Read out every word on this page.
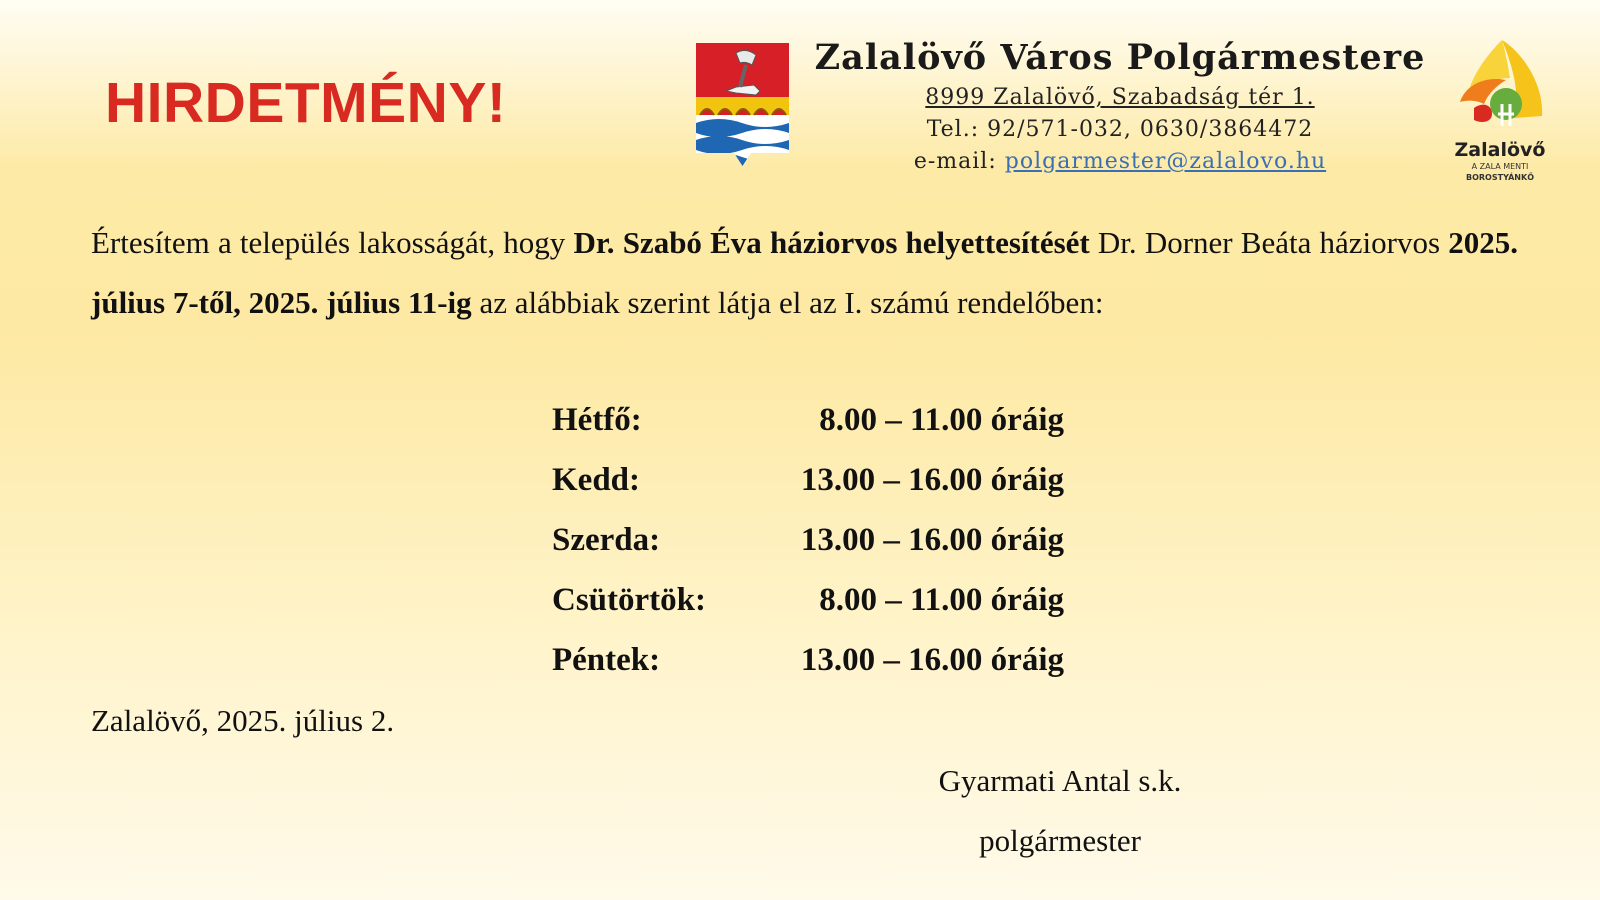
HIRDETMÉNY!
Zalalövő Város Polgármestere
8999 Zalalövő, Szabadság tér 1.
Tel.: 92/571-032, 0630/3864472
e-mail: polgarmester@zalalovo.hu	Zalalövő
A ZALA MENTI
BOROSTYÁNKŐ

Értesítem a település lakosságát, hogy Dr. Szabó Éva háziorvos helyettesítését Dr. Dorner Beáta háziorvos 2025. július 7-től, 2025. július 11-ig az alábbiak szerint látja el az I. számú rendelőben:

Hétfő:	8.00 – 11.00 óráig
Kedd:	13.00 – 16.00 óráig
Szerda:	13.00 – 16.00 óráig
Csütörtök:	8.00 – 11.00 óráig
Péntek:	13.00 – 16.00 óráig
Zalalövő, 2025. július 2.
Gyarmati Antal s.k.
polgármester
